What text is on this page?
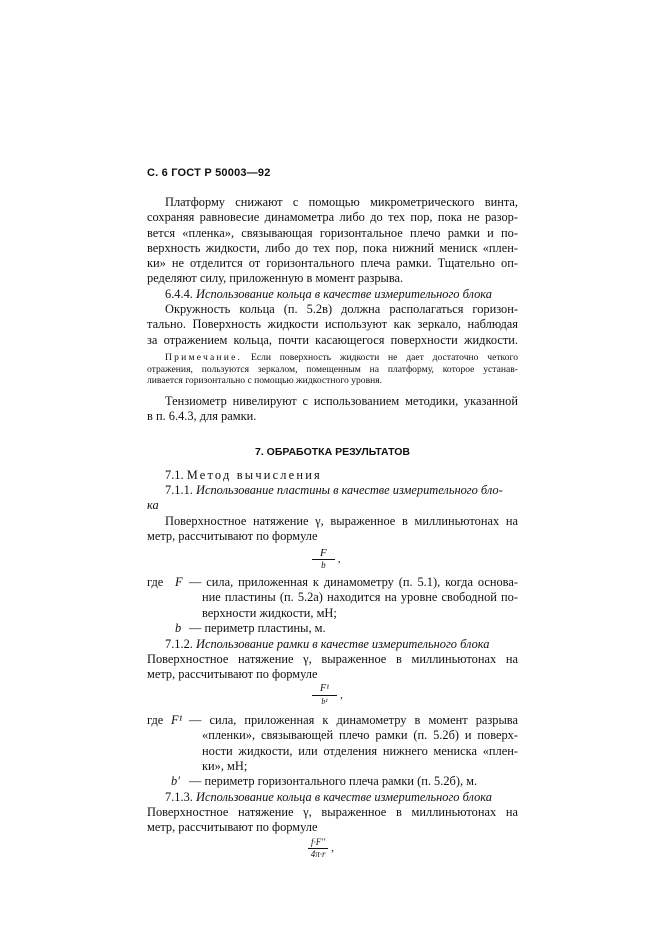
С. 6 ГОСТ Р 50003—92
Платформу снижают с помощью микрометрического винта,
сохраняя равновесие динамометра либо до тех пор, пока не разор-
вется «пленка», связывающая горизонтальное плечо рамки и по-
верхность жидкости, либо до тех пор, пока нижний мениск «плен-
ки» не отделится от горизонтального плеча рамки. Тщательно оп-
ределяют силу, приложенную в момент разрыва.
6.4.4. Использование кольца в качестве измерительного блока
Окружность кольца (п. 5.2в) должна располагаться горизон-
тально. Поверхность жидкости используют как зеркало, наблюдая
за отражением кольца, почти касающегося поверхности жидкости.
Примечание. Если поверхность жидкости не дает достаточно четкого
отражения, пользуются зеркалом, помещенным на платформу, которое устанав-
ливается горизонтально с помощью жидкостного уровня.
Тензиометр нивелируют с использованием методики, указанной
в п. 6.4.3, для рамки.
7. ОБРАБОТКА РЕЗУЛЬТАТОВ
7.1. Метод вычисления
7.1.1. Использование пластины в качестве измерительного бло-
ка
Поверхностное натяжение γ, выраженное в миллиньютонах на
метр, рассчитывают по формуле
$\frac{F}{b}$ ,
где F — сила, приложенная к динамометру (п. 5.1), когда основа-
ние пластины (п. 5.2а) находится на уровне свободной по-
верхности жидкости, мН;
b — периметр пластины, м.
7.1.2. Использование рамки в качестве измерительного блока
Поверхностное натяжение γ, выраженное в миллиньютонах на
метр, рассчитывают по формуле
$\frac{\text{F¹}}{\text{b¹}}$ ,
где F¹ — сила, приложенная к динамометру в момент разрыва
«пленки», связывающей плечо рамки (п. 5.2б) и поверх-
ности жидкости, или отделения нижнего мениска «плен-
ки», мН;
b′ — периметр горизонтального плеча рамки (п. 5.2б), м.
7.1.3. Использование кольца в качестве измерительного блока
Поверхностное натяжение γ, выраженное в миллиньютонах на
метр, рассчитывают по формуле
$\frac{f\cdot F''}{4\pi\cdot r}$ ,
